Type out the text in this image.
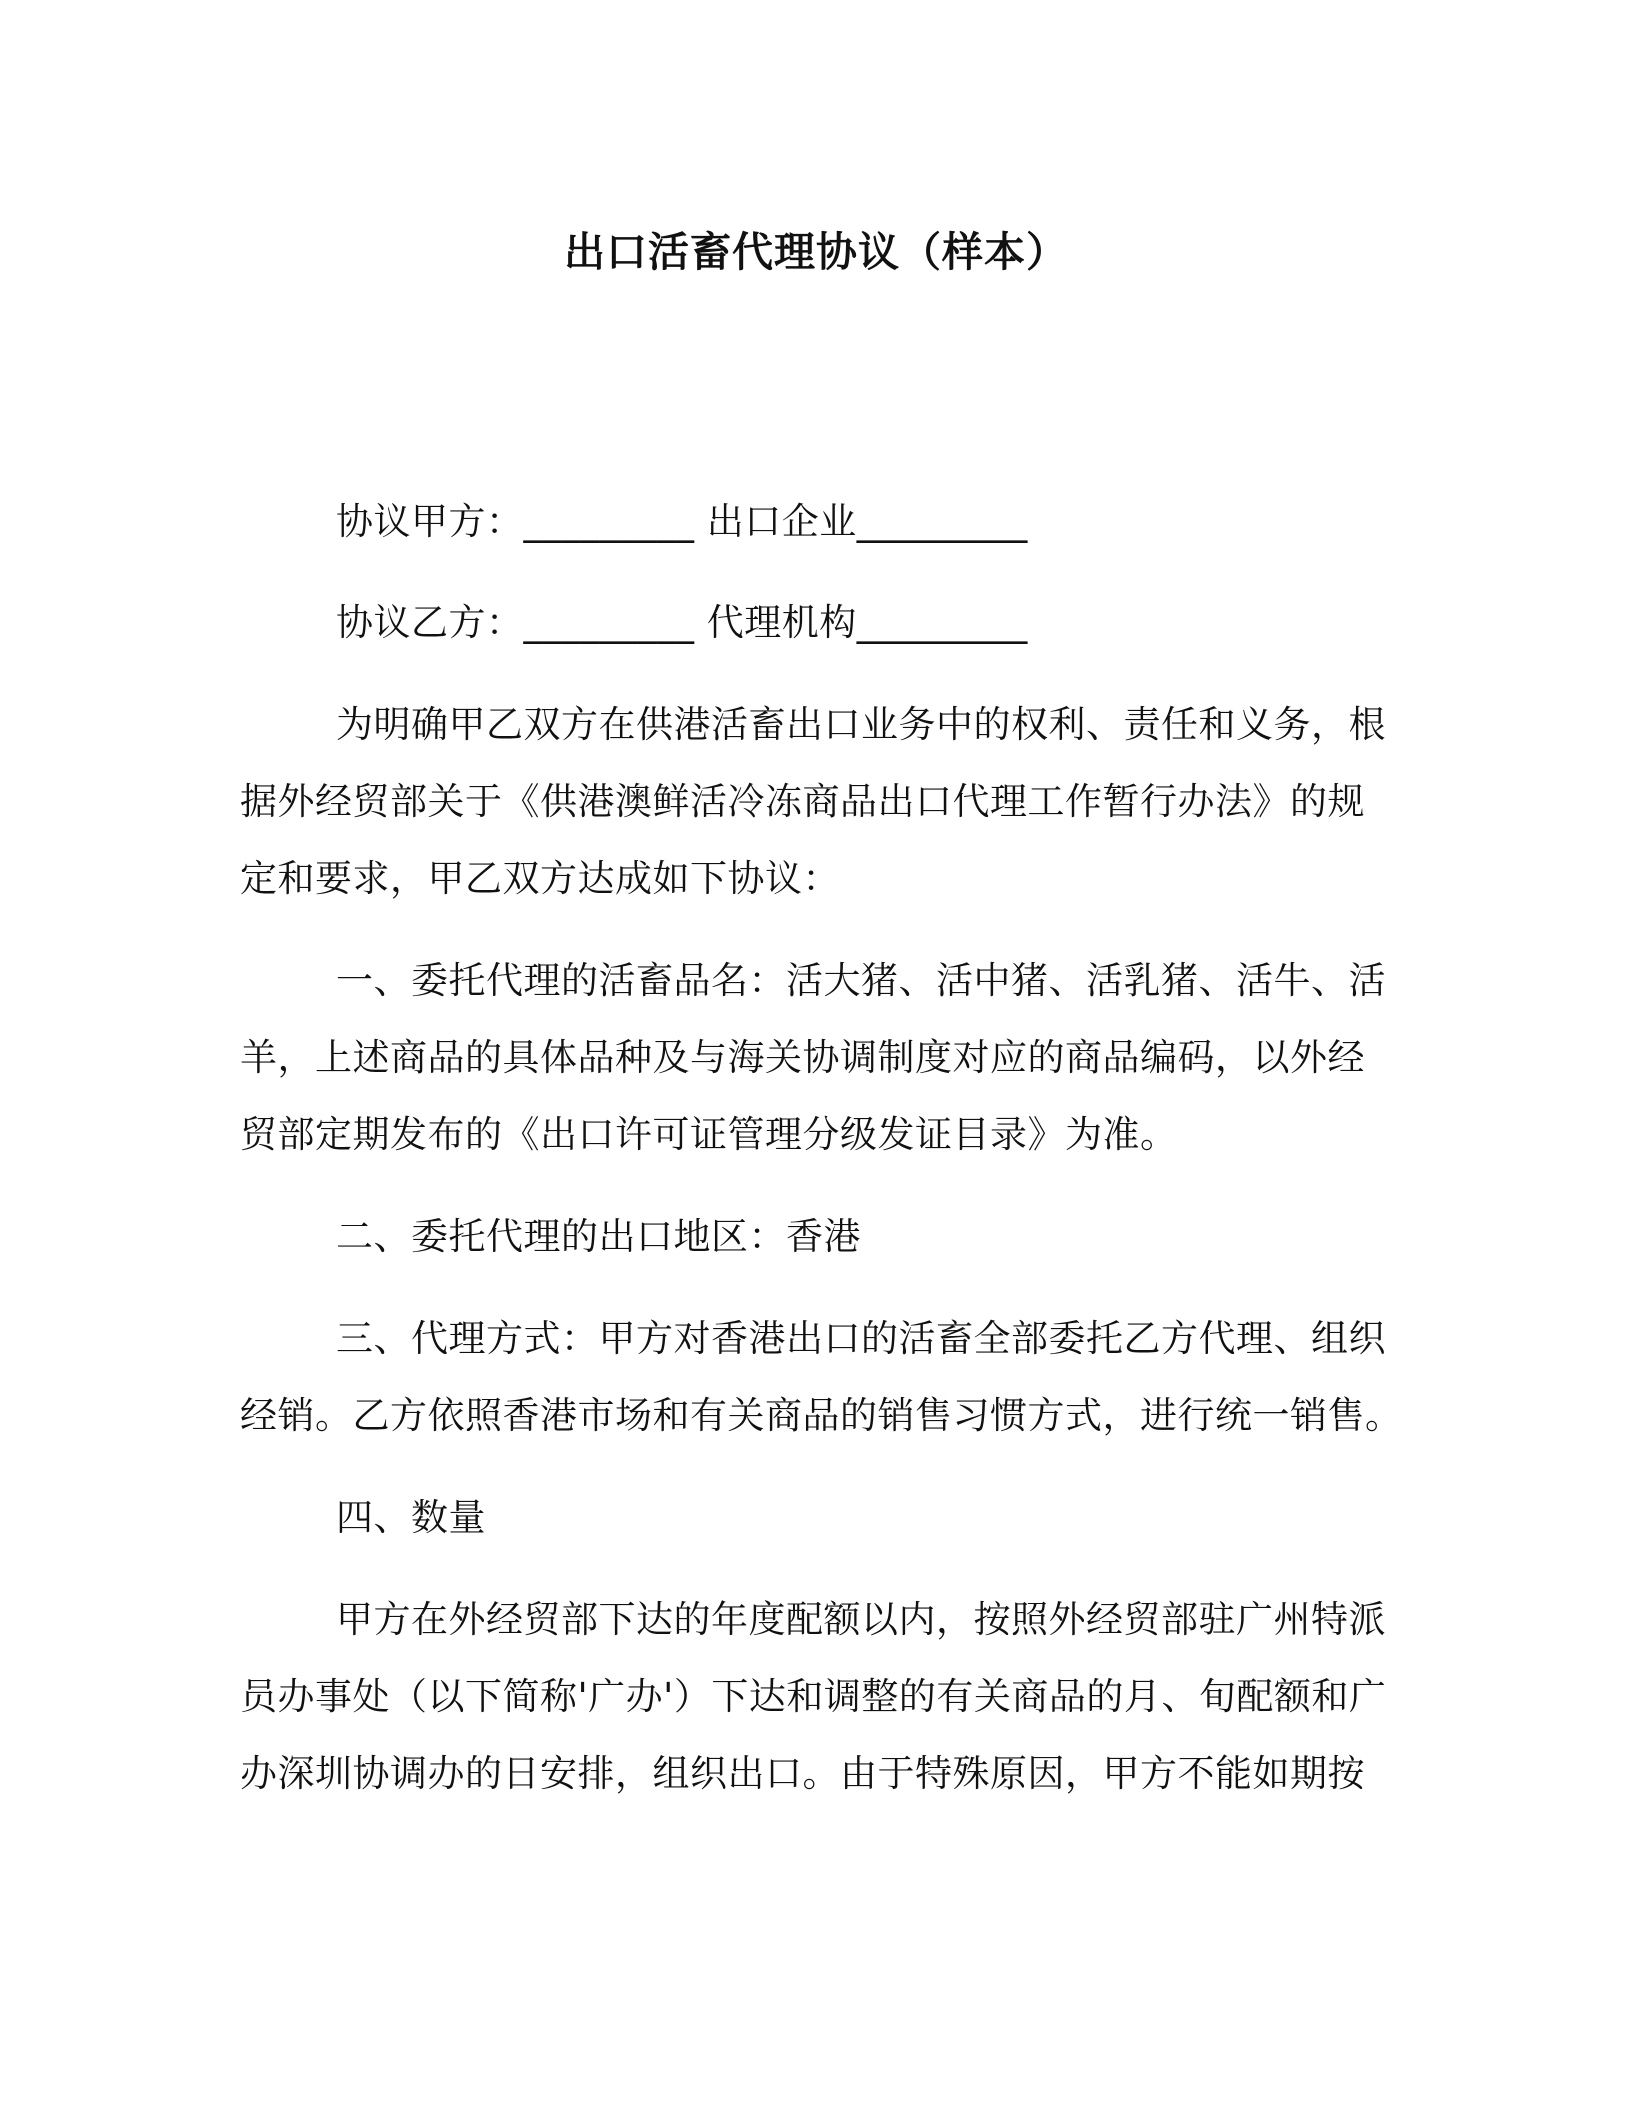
出口活畜代理协议（样本）
协议甲方：_________ 出口企业_________
协议乙方：_________ 代理机构_________
为明确甲乙双方在供港活畜出口业务中的权利、责任和义务，根
据外经贸部关于《供港澳鲜活冷冻商品出口代理工作暂行办法》的规
定和要求，甲乙双方达成如下协议：
一、委托代理的活畜品名：活大猪、活中猪、活乳猪、活牛、活
羊，上述商品的具体品种及与海关协调制度对应的商品编码，以外经
贸部定期发布的《出口许可证管理分级发证目录》为准。
二、委托代理的出口地区：香港
三、代理方式：甲方对香港出口的活畜全部委托乙方代理、组织
经销。乙方依照香港市场和有关商品的销售习惯方式，进行统一销售。
四、数量
甲方在外经贸部下达的年度配额以内，按照外经贸部驻广州特派
员办事处（以下简称'广办'）下达和调整的有关商品的月、旬配额和广
办深圳协调办的日安排，组织出口。由于特殊原因，甲方不能如期按
